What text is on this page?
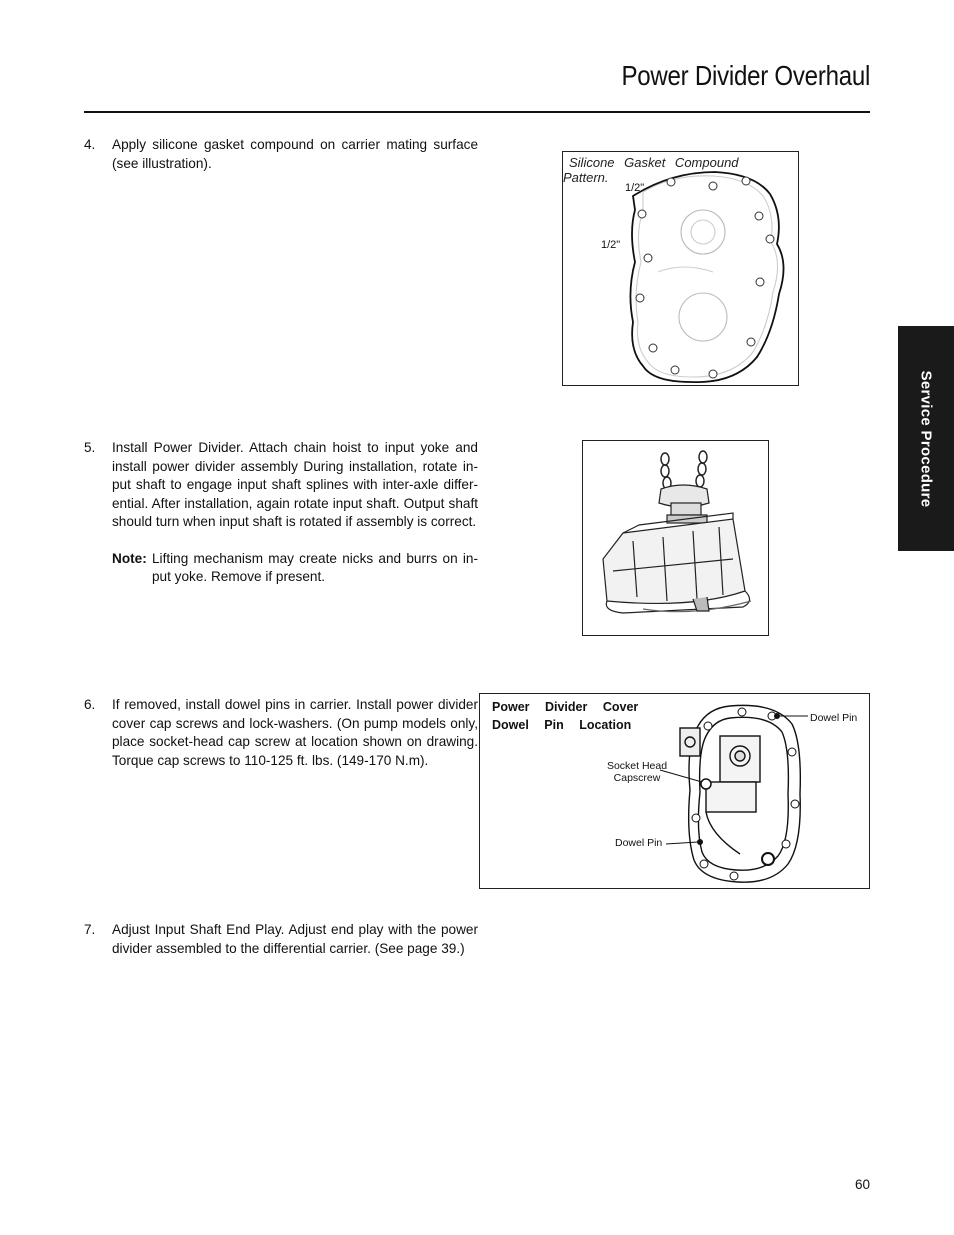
Power Divider Overhaul
Service Procedure
4. Apply silicone gasket compound on carrier mating surface (see illustration).
5. Install Power Divider. Attach chain hoist to input yoke and install power divider assembly During installation, rotate in-put shaft to engage input shaft splines with inter-axle differ-ential. After installation, again rotate input shaft. Output shaft should turn when input shaft is rotated if assembly is correct.
Note: Lifting mechanism may create nicks and burrs on in-put yoke. Remove if present.
6. If removed, install dowel pins in carrier. Install power divider cover cap screws and lock-washers. (On pump models only, place socket-head cap screw at location shown on drawing. Torque cap screws to 110-125 ft. lbs. (149-170 N.m).
7. Adjust Input Shaft End Play. Adjust end play with the power divider assembled to the differential carrier. (See page 39.)
Silicone Gasket Compound
Pattern.
1/2"
1/2"
Power Divider Cover
Dowel Pin Location	Dowel Pin
Socket Head
Capscrew
Dowel Pin
60
